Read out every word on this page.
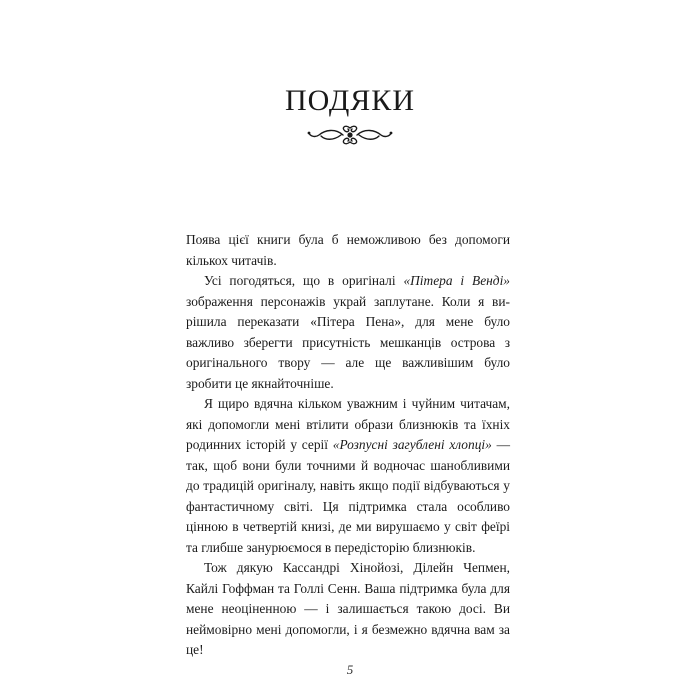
ПОДЯКИ

Поява цієї книги була б неможливою без допомоги кількох читачів.

Усі погодяться, що в оригіналі «Пітера і Венді» зображення персонажів украй заплутане. Коли я вирішила переказати «Пітера Пена», для мене було важливо зберегти присутність мешканців острова з оригінального твору — але ще важливішим було зробити це якнайточніше.

Я щиро вдячна кільком уважним і чуйним читачам, які допомогли мені втілити образи близнюків та їхніх родинних історій у серії «Розпусні загублені хлопці» — так, щоб вони були точними й водночас шанобливими до традицій оригіналу, навіть якщо події відбуваються у фантастичному світі. Ця підтримка стала особливо цінною в четвертій книзі, де ми вирушаємо у світ феїрі та глибше занурюємося в передісторію близнюків.

Тож дякую Кассандрі Хінойозі, Ділейн Чепмен, Кайлі Гоффман та Голлі Сенн. Ваша підтримка була для мене неоціненною — і залишається такою досі. Ви неймовірно мені допомогли, і я безмежно вдячна вам за це!

5
